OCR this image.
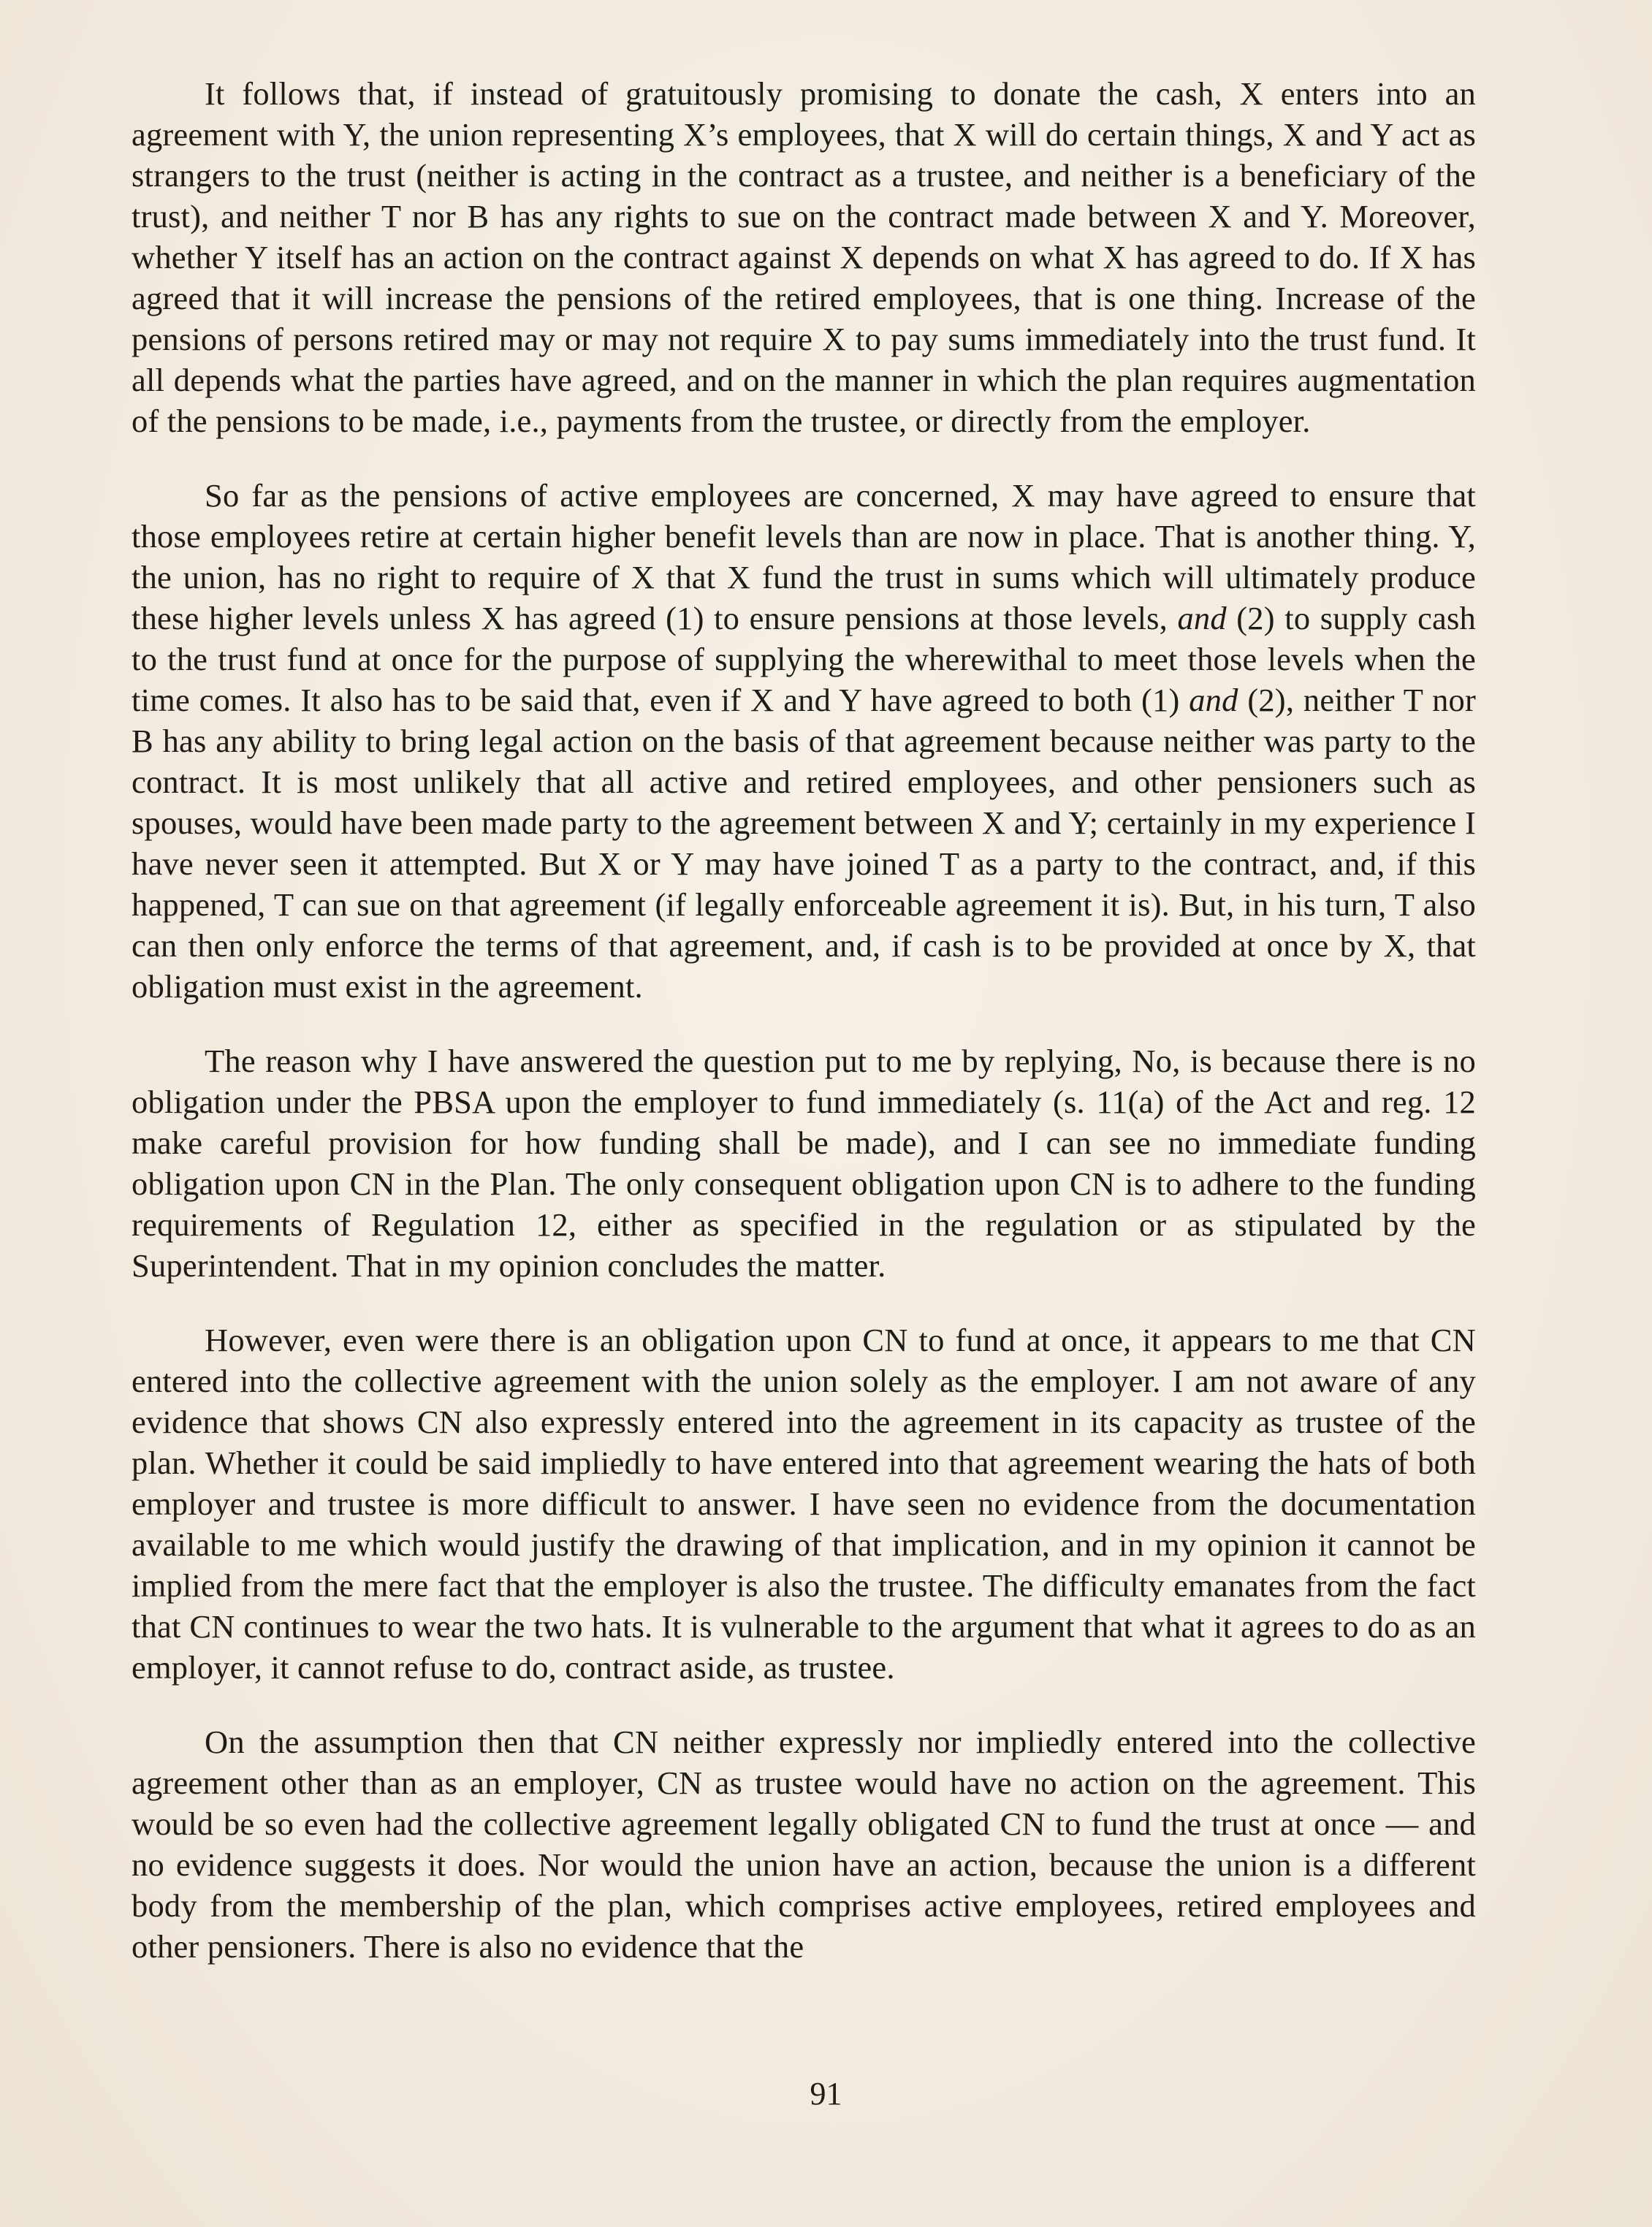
It follows that, if instead of gratuitously promising to donate the cash, X enters into an agreement with Y, the union representing X’s employees, that X will do certain things, X and Y act as strangers to the trust (neither is acting in the contract as a trustee, and neither is a beneficiary of the trust), and neither T nor B has any rights to sue on the contract made between X and Y. Moreover, whether Y itself has an action on the contract against X depends on what X has agreed to do. If X has agreed that it will increase the pensions of the retired employees, that is one thing. Increase of the pensions of persons retired may or may not require X to pay sums immediately into the trust fund. It all depends what the parties have agreed, and on the manner in which the plan requires augmentation of the pensions to be made, i.e., payments from the trustee, or directly from the employer.

So far as the pensions of active employees are concerned, X may have agreed to ensure that those employees retire at certain higher benefit levels than are now in place. That is another thing. Y, the union, has no right to require of X that X fund the trust in sums which will ultimately produce these higher levels unless X has agreed (1) to ensure pensions at those levels, and (2) to supply cash to the trust fund at once for the purpose of supplying the wherewithal to meet those levels when the time comes. It also has to be said that, even if X and Y have agreed to both (1) and (2), neither T nor B has any ability to bring legal action on the basis of that agreement because neither was party to the contract. It is most unlikely that all active and retired employees, and other pensioners such as spouses, would have been made party to the agreement between X and Y; certainly in my experience I have never seen it attempted. But X or Y may have joined T as a party to the contract, and, if this happened, T can sue on that agreement (if legally enforceable agreement it is). But, in his turn, T also can then only enforce the terms of that agreement, and, if cash is to be provided at once by X, that obligation must exist in the agreement.

The reason why I have answered the question put to me by replying, No, is because there is no obligation under the PBSA upon the employer to fund immediately (s. 11(a) of the Act and reg. 12 make careful provision for how funding shall be made), and I can see no immediate funding obligation upon CN in the Plan. The only consequent obligation upon CN is to adhere to the funding requirements of Regulation 12, either as specified in the regulation or as stipulated by the Superintendent. That in my opinion concludes the matter.

However, even were there is an obligation upon CN to fund at once, it appears to me that CN entered into the collective agreement with the union solely as the employer. I am not aware of any evidence that shows CN also expressly entered into the agreement in its capacity as trustee of the plan. Whether it could be said impliedly to have entered into that agreement wearing the hats of both employer and trustee is more difficult to answer. I have seen no evidence from the documentation available to me which would justify the drawing of that implication, and in my opinion it cannot be implied from the mere fact that the employer is also the trustee. The difficulty emanates from the fact that CN continues to wear the two hats. It is vulnerable to the argument that what it agrees to do as an employer, it cannot refuse to do, contract aside, as trustee.

On the assumption then that CN neither expressly nor impliedly entered into the collective agreement other than as an employer, CN as trustee would have no action on the agreement. This would be so even had the collective agreement legally obligated CN to fund the trust at once — and no evidence suggests it does. Nor would the union have an action, because the union is a different body from the membership of the plan, which comprises active employees, retired employees and other pensioners. There is also no evidence that the

91
